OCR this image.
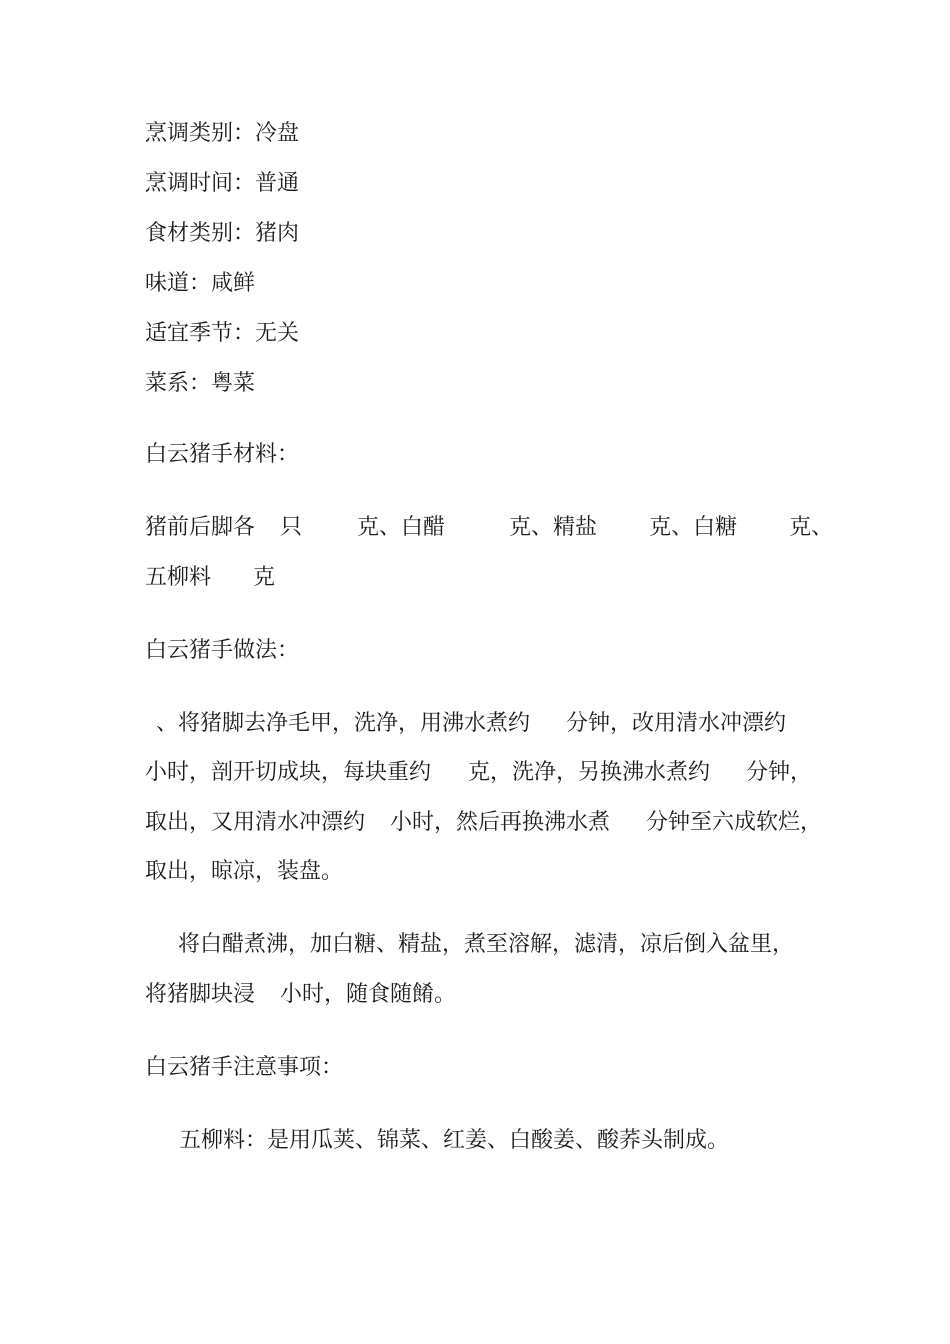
烹调类别：冷盘
烹调时间：普通
食材类别：猪肉
味道：咸鲜
适宜季节：无关
菜系：粤菜
白云猪手材料：
猪前后脚各 只	克、白醋	克、精盐 克、白糖 克、
五柳料 克
白云猪手做法：
、将猪脚去净毛甲，洗净，用沸水煮约 分钟，改用清水冲漂约
小时，剖开切成块，每块重约 克，洗净，另换沸水煮约 分钟，
取出，又用清水冲漂约 小时，然后再换沸水煮 分钟至六成软烂，
取出，晾凉，装盘。
将白醋煮沸，加白糖、精盐，煮至溶解，滤清，凉后倒入盆里，
将猪脚块浸 小时，随食随餚。
白云猪手注意事项：
五柳料：是用瓜荚、锦菜、红姜、白酸姜、酸荞头制成。
